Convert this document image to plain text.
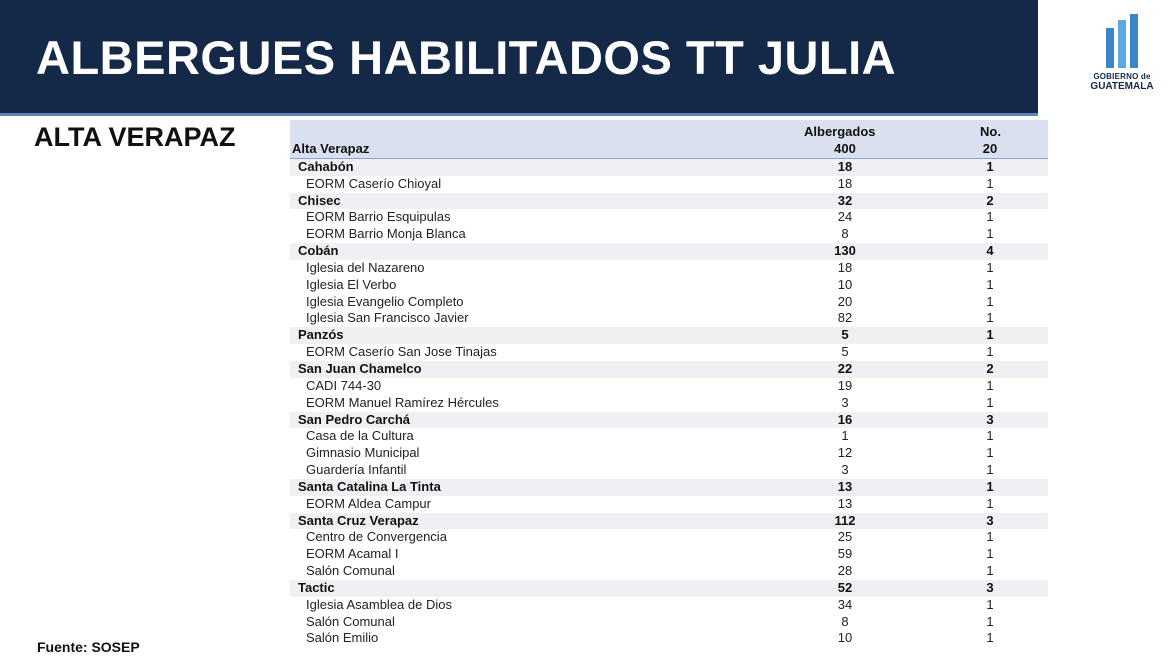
ALBERGUES HABILITADOS TT JULIA	GOBIERNO de
GUATEMALA
ALTA VERAPAZ	Albergados	No.
Alta Verapaz	400	20
Cahabón	18	1
EORM Caserío Chioyal	18	1
Chisec	32	2
EORM Barrio Esquipulas	24	1
EORM Barrio Monja Blanca	8	1
Cobán	130	4
Iglesia del Nazareno	18	1
Iglesia El Verbo	10	1
Iglesia Evangelio Completo	20	1
Iglesia San Francisco Javier	82	1
Panzós	5	1
EORM Caserío San Jose Tinajas	5	1
San Juan Chamelco	22	2
CADI 744-30	19	1
EORM Manuel Ramírez Hércules	3	1
San Pedro Carchá	16	3
Casa de la Cultura	1	1
Gimnasio Municipal	12	1
Guardería Infantil	3	1
Santa Catalina La Tinta	13	1
EORM Aldea Campur	13	1
Santa Cruz Verapaz	112	3
Centro de Convergencia	25	1
EORM Acamal I	59	1
Salón Comunal	28	1
Tactic	52	3
Iglesia Asamblea de Dios	34	1
Salón Comunal	8	1
Salón Emilio	10	1
Fuente: SOSEP
